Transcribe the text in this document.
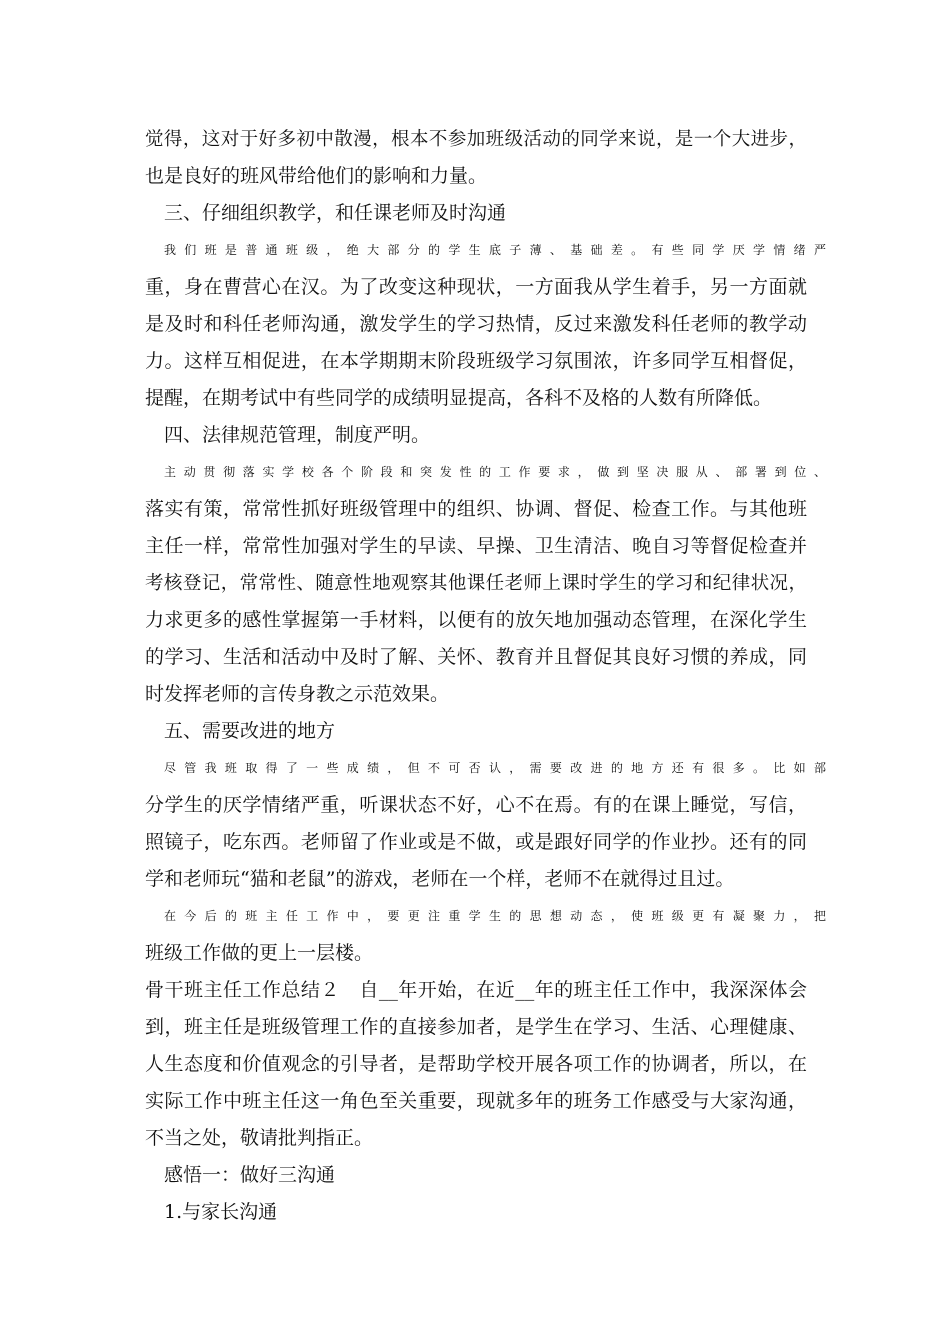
觉得，这对于好多初中散漫，根本不参加班级活动的同学来说，是一个大进步，
也是良好的班风带给他们的影响和力量。
三、仔细组织教学，和任课老师及时沟通
我们班是普通班级，绝大部分的学生底子薄、基础差。有些同学厌学情绪严
重，身在曹营心在汉。为了改变这种现状，一方面我从学生着手，另一方面就
是及时和科任老师沟通，激发学生的学习热情，反过来激发科任老师的教学动
力。这样互相促进，在本学期期末阶段班级学习氛围浓，许多同学互相督促，
提醒，在期考试中有些同学的成绩明显提高，各科不及格的人数有所降低。
四、法律规范管理，制度严明。
主动贯彻落实学校各个阶段和突发性的工作要求，做到坚决服从、部署到位、
落实有策，常常性抓好班级管理中的组织、协调、督促、检查工作。与其他班
主任一样，常常性加强对学生的早读、早操、卫生清洁、晚自习等督促检查并
考核登记，常常性、随意性地观察其他课任老师上课时学生的学习和纪律状况，
力求更多的感性掌握第一手材料，以便有的放矢地加强动态管理，在深化学生
的学习、生活和活动中及时了解、关怀、教育并且督促其良好习惯的养成，同
时发挥老师的言传身教之示范效果。
五、需要改进的地方
尽管我班取得了一些成绩，但不可否认，需要改进的地方还有很多。比如部
分学生的厌学情绪严重，听课状态不好，心不在焉。有的在课上睡觉，写信，
照镜子，吃东西。老师留了作业或是不做，或是跟好同学的作业抄。还有的同
学和老师玩“猫和老鼠”的游戏，老师在一个样，老师不在就得过且过。
在今后的班主任工作中，要更注重学生的思想动态，使班级更有凝聚力，把
班级工作做的更上一层楼。
骨干班主任工作总结２　自__年开始，在近__年的班主任工作中，我深深体会
到，班主任是班级管理工作的直接参加者，是学生在学习、生活、心理健康、
人生态度和价值观念的引导者，是帮助学校开展各项工作的协调者，所以，在
实际工作中班主任这一角色至关重要，现就多年的班务工作感受与大家沟通，
不当之处，敬请批判指正。
感悟一：做好三沟通
1.与家长沟通
